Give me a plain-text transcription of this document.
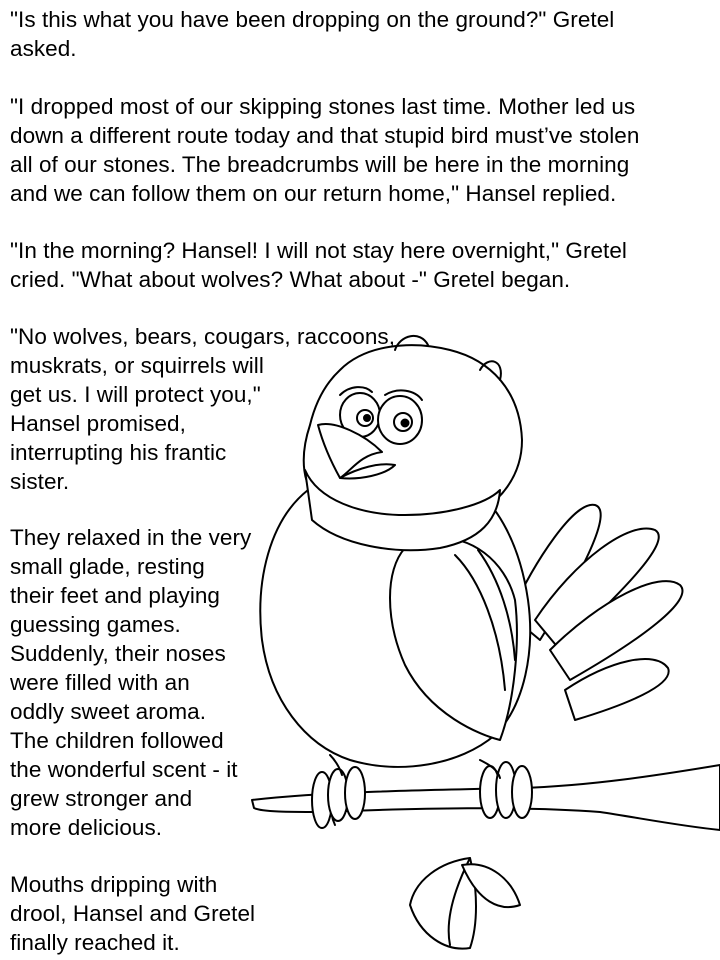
"Is this what you have been dropping on the ground?" Gretel
asked.

"I dropped most of our skipping stones last time. Mother led us
down a different route today and that stupid bird must’ve stolen
all of our stones. The breadcrumbs will be here in the morning
and we can follow them on our return home," Hansel replied.

"In the morning? Hansel! I will not stay here overnight," Gretel
cried. "What about wolves? What about -" Gretel began.

"No wolves, bears, cougars, raccoons,
muskrats, or squirrels will
get us. I will protect you,"
Hansel promised,
interrupting his frantic
sister.

They relaxed in the very
small glade, resting
their feet and playing
guessing games.
Suddenly, their noses
were filled with an
oddly sweet aroma.
The children followed
the wonderful scent - it
grew stronger and
more delicious.

Mouths dripping with
drool, Hansel and Gretel
finally reached it.
